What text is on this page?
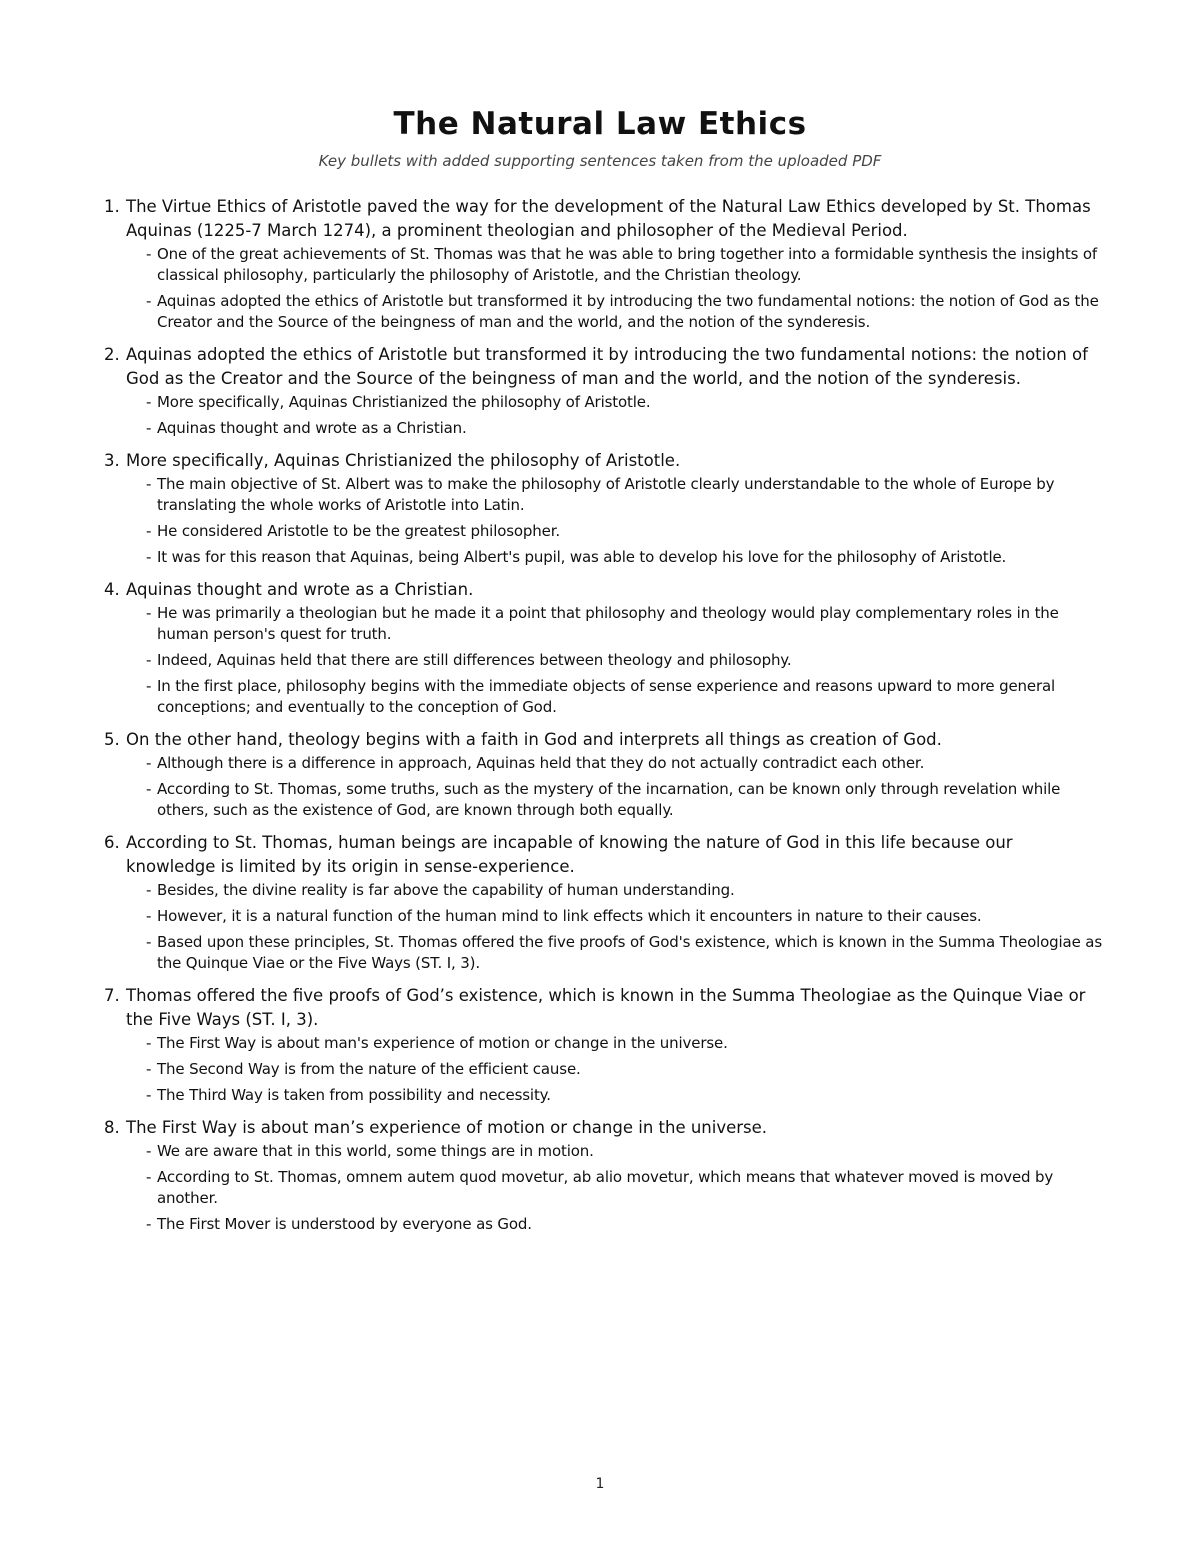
The Natural Law Ethics

Key bullets with added supporting sentences taken from the uploaded PDF

1. The Virtue Ethics of Aristotle paved the way for the development of the Natural Law Ethics developed by St. Thomas Aquinas (1225-7 March 1274), a prominent theologian and philosopher of the Medieval Period.
- One of the great achievements of St. Thomas was that he was able to bring together into a formidable synthesis the insights of classical philosophy, particularly the philosophy of Aristotle, and the Christian theology.
- Aquinas adopted the ethics of Aristotle but transformed it by introducing the two fundamental notions: the notion of God as the Creator and the Source of the beingness of man and the world, and the notion of the synderesis.
2. Aquinas adopted the ethics of Aristotle but transformed it by introducing the two fundamental notions: the notion of God as the Creator and the Source of the beingness of man and the world, and the notion of the synderesis.
- More specifically, Aquinas Christianized the philosophy of Aristotle.
- Aquinas thought and wrote as a Christian.
3. More specifically, Aquinas Christianized the philosophy of Aristotle.
- The main objective of St. Albert was to make the philosophy of Aristotle clearly understandable to the whole of Europe by translating the whole works of Aristotle into Latin.
- He considered Aristotle to be the greatest philosopher.
- It was for this reason that Aquinas, being Albert's pupil, was able to develop his love for the philosophy of Aristotle.
4. Aquinas thought and wrote as a Christian.
- He was primarily a theologian but he made it a point that philosophy and theology would play complementary roles in the human person's quest for truth.
- Indeed, Aquinas held that there are still differences between theology and philosophy.
- In the first place, philosophy begins with the immediate objects of sense experience and reasons upward to more general conceptions; and eventually to the conception of God.
5. On the other hand, theology begins with a faith in God and interprets all things as creation of God.
- Although there is a difference in approach, Aquinas held that they do not actually contradict each other.
- According to St. Thomas, some truths, such as the mystery of the incarnation, can be known only through revelation while others, such as the existence of God, are known through both equally.
6. According to St. Thomas, human beings are incapable of knowing the nature of God in this life because our knowledge is limited by its origin in sense-experience.
- Besides, the divine reality is far above the capability of human understanding.
- However, it is a natural function of the human mind to link effects which it encounters in nature to their causes.
- Based upon these principles, St. Thomas offered the five proofs of God's existence, which is known in the Summa Theologiae as the Quinque Viae or the Five Ways (ST. I, 3).
7. Thomas offered the five proofs of God’s existence, which is known in the Summa Theologiae as the Quinque Viae or the Five Ways (ST. I, 3).
- The First Way is about man's experience of motion or change in the universe.
- The Second Way is from the nature of the efficient cause.
- The Third Way is taken from possibility and necessity.
8. The First Way is about man’s experience of motion or change in the universe.
- We are aware that in this world, some things are in motion.
- According to St. Thomas, omnem autem quod movetur, ab alio movetur, which means that whatever moved is moved by another.
- The First Mover is understood by everyone as God.
1
